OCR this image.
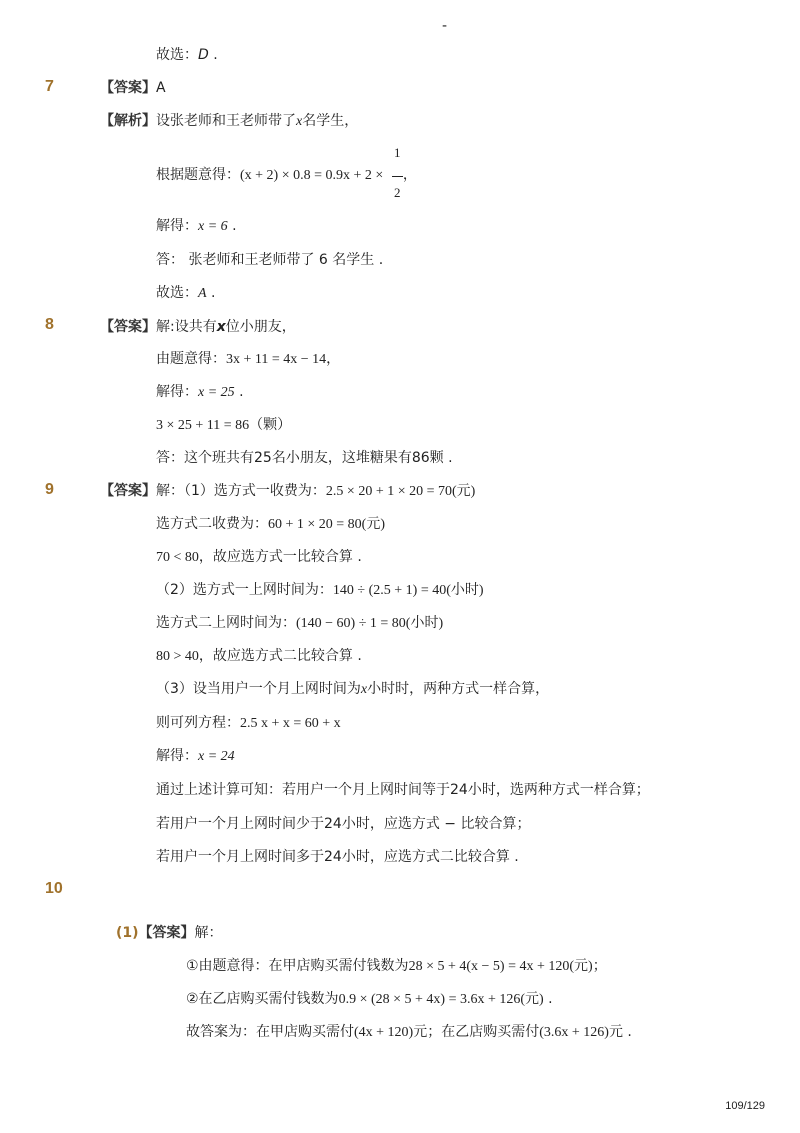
-
故选：D .
7	【答案】A
【解析】设张老师和王老师带了x名学生，
根据题意得：(x + 2) × 0.8 = 0.9x + 2 × ，
1
2
解得：x = 6 .
答： 张老师和王老师带了 6 名学生 .
故选：A .
8	【答案】解:设共有x位小朋友，
由题意得：3x + 11 = 4x − 14，
解得：x = 25 .
3 × 25 + 11 = 86（颗）
答：这个班共有25名小朋友，这堆糖果有86颗 .
9	【答案】解：（1）选方式一收费为：2.5 × 20 + 1 × 20 = 70(元)
选方式二收费为：60 + 1 × 20 = 80(元)
70 < 80，故应选方式一比较合算 .
（2）选方式一上网时间为：140 ÷ (2.5 + 1) = 40(小时)
选方式二上网时间为：(140 − 60) ÷ 1 = 80(小时)
80 > 40，故应选方式二比较合算 .
（3）设当用户一个月上网时间为x小时时，两种方式一样合算，
则可列方程：2.5 x + x = 60 + x
解得：x = 24
通过上述计算可知：若用户一个月上网时间等于24小时，选两种方式一样合算；
若用户一个月上网时间少于24小时，应选方式 − 比较合算；
若用户一个月上网时间多于24小时，应选方式二比较合算 .
10
(1)【答案】解：
①由题意得：在甲店购买需付钱数为28 × 5 + 4(x − 5) = 4x + 120(元)；
②在乙店购买需付钱数为0.9 × (28 × 5 + 4x) = 3.6x + 126(元) .
故答案为：在甲店购买需付(4x + 120)元；在乙店购买需付(3.6x + 126)元 .
109/129
